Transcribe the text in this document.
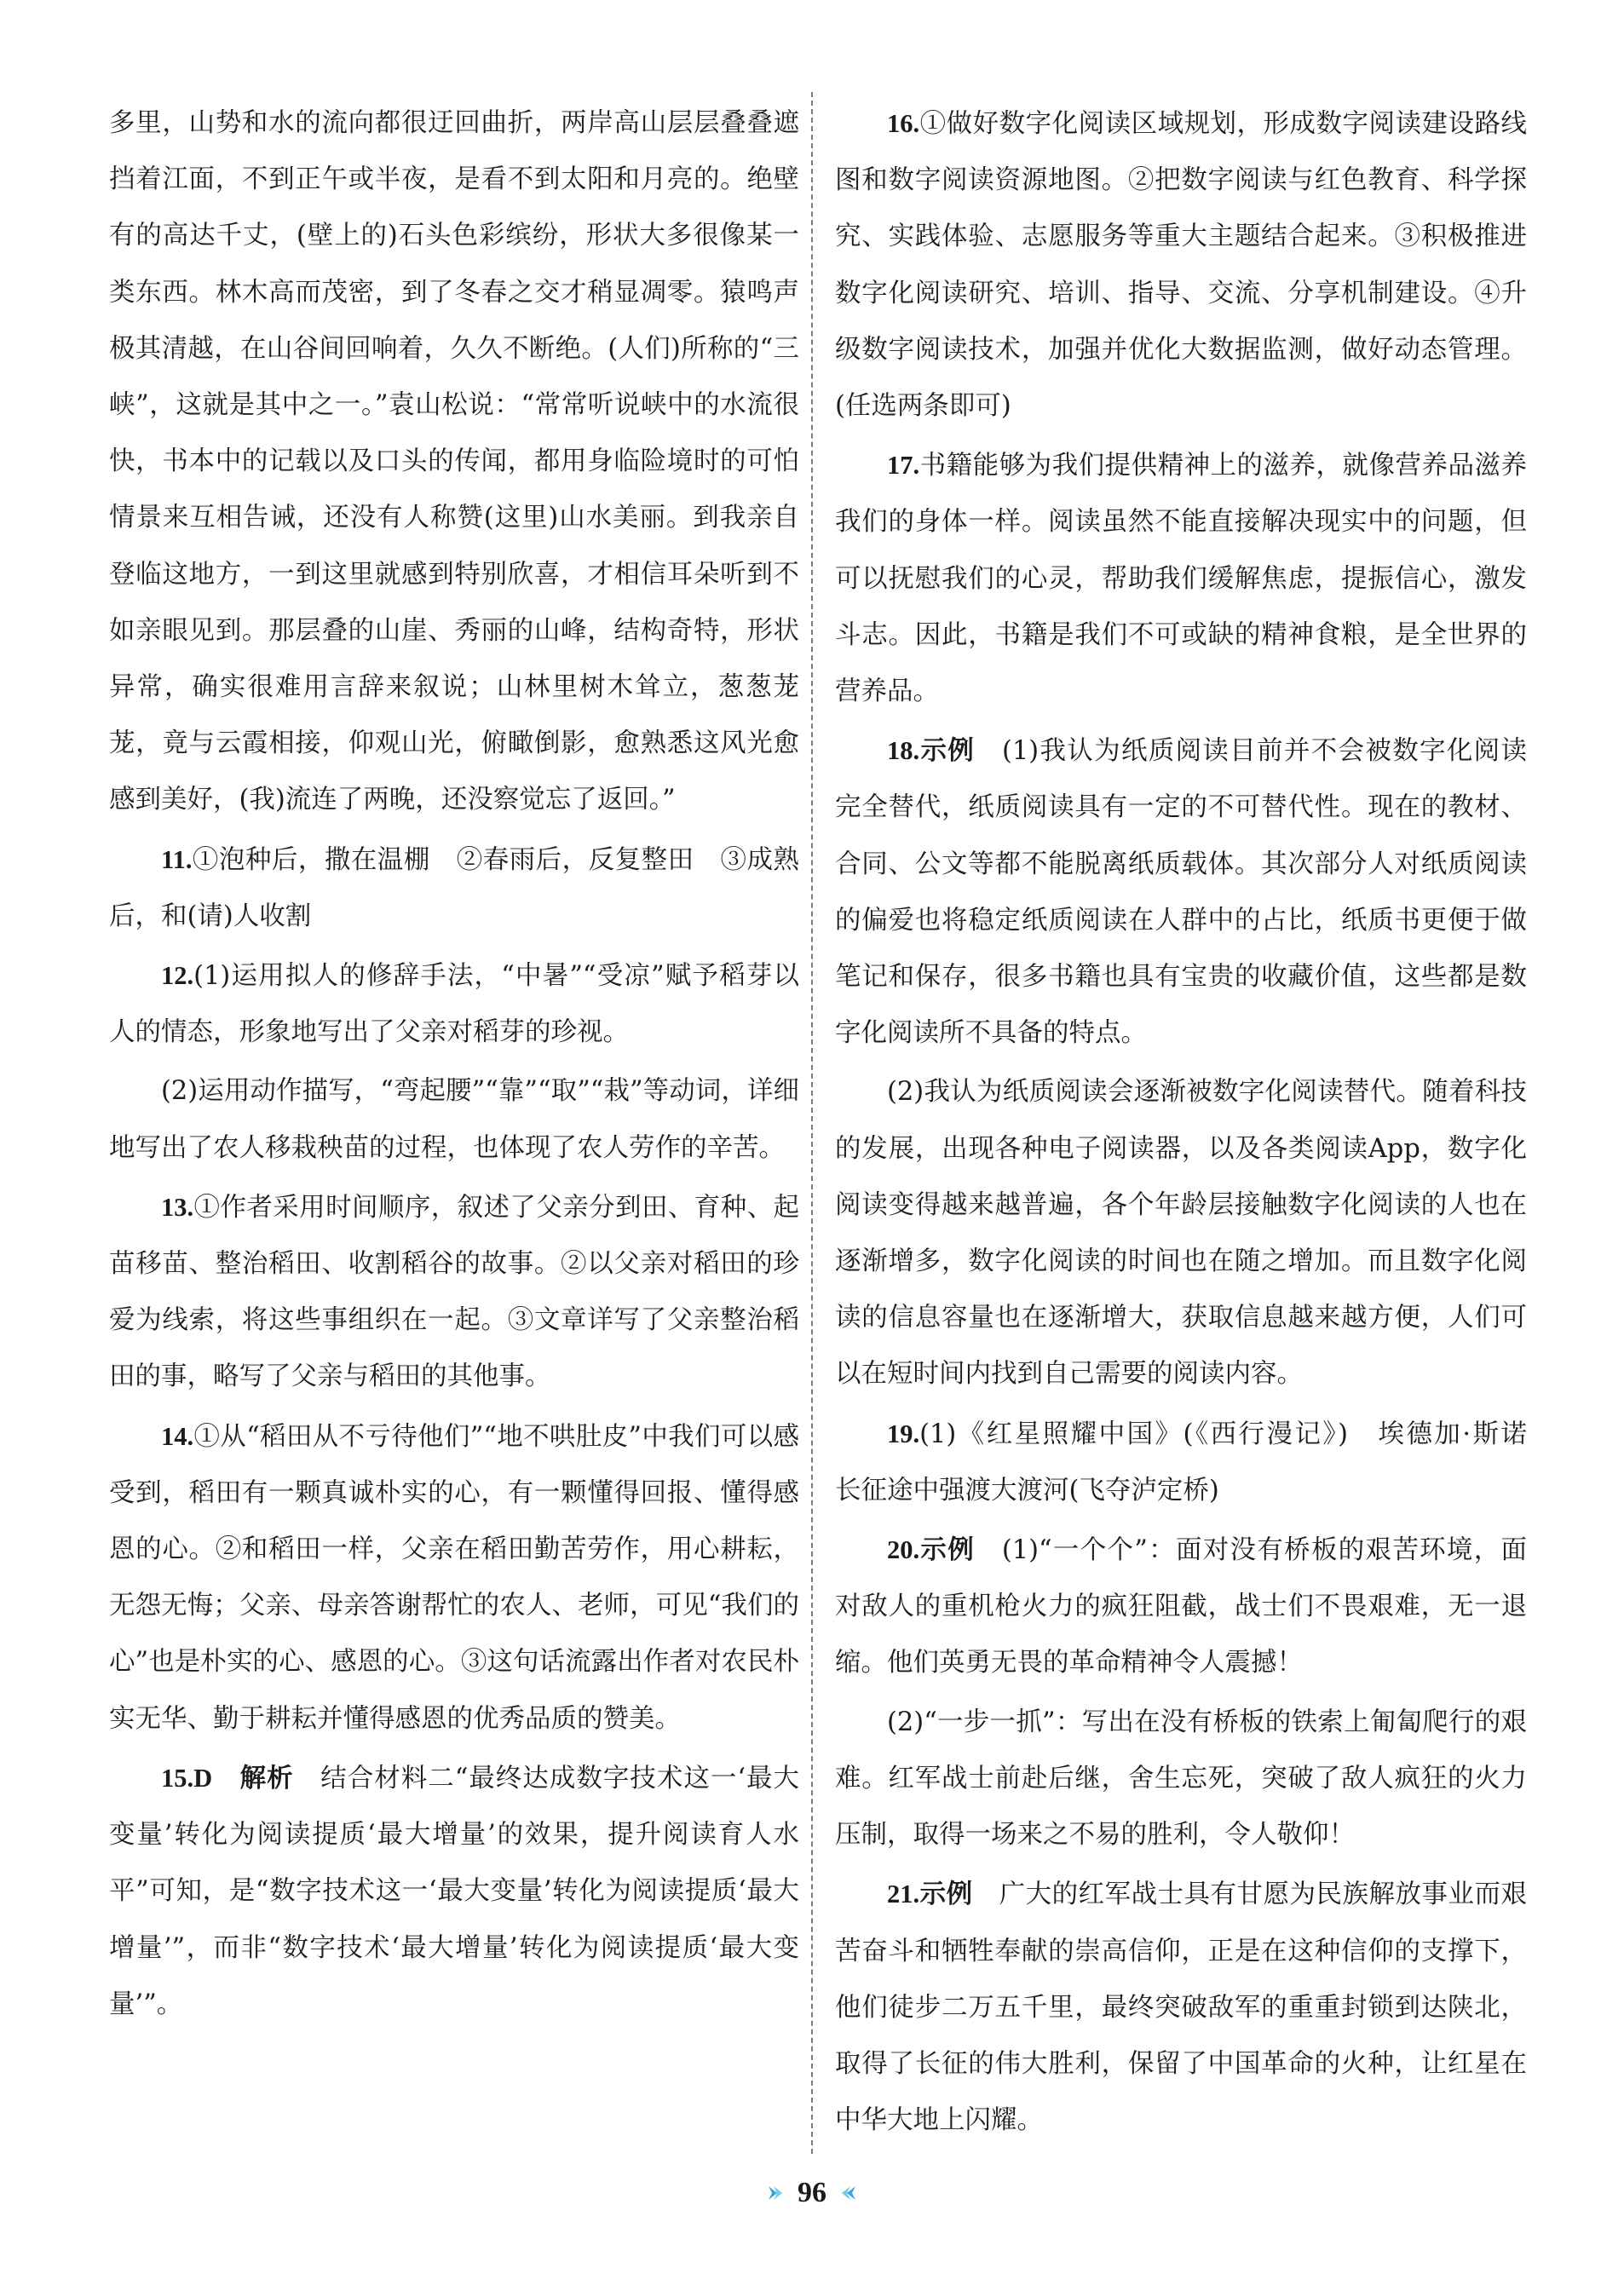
多里，山势和水的流向都很迂回曲折，两岸高山层层叠叠遮挡着江面，不到正午或半夜，是看不到太阳和月亮的。绝壁有的高达千丈，(壁上的)石头色彩缤纷，形状大多很像某一类东西。林木高而茂密，到了冬春之交才稍显凋零。猿鸣声极其清越，在山谷间回响着，久久不断绝。(人们)所称的“三峡”，这就是其中之一。”袁山松说：“常常听说峡中的水流很快，书本中的记载以及口头的传闻，都用身临险境时的可怕情景来互相告诫，还没有人称赞(这里)山水美丽。到我亲自登临这地方，一到这里就感到特别欣喜，才相信耳朵听到不如亲眼见到。那层叠的山崖、秀丽的山峰，结构奇特，形状异常，确实很难用言辞来叙说；山林里树木耸立，葱葱茏茏，竟与云霞相接，仰观山光，俯瞰倒影，愈熟悉这风光愈感到美好，(我)流连了两晚，还没察觉忘了返回。”

11.①泡种后，撒在温棚　②春雨后，反复整田　③成熟后，和(请)人收割

12.(1)运用拟人的修辞手法，“中暑”“受凉”赋予稻芽以人的情态，形象地写出了父亲对稻芽的珍视。

(2)运用动作描写，“弯起腰”“靠”“取”“栽”等动词，详细地写出了农人移栽秧苗的过程，也体现了农人劳作的辛苦。

13.①作者采用时间顺序，叙述了父亲分到田、育种、起苗移苗、整治稻田、收割稻谷的故事。②以父亲对稻田的珍爱为线索，将这些事组织在一起。③文章详写了父亲整治稻田的事，略写了父亲与稻田的其他事。

14.①从“稻田从不亏待他们”“地不哄肚皮”中我们可以感受到，稻田有一颗真诚朴实的心，有一颗懂得回报、懂得感恩的心。②和稻田一样，父亲在稻田勤苦劳作，用心耕耘，无怨无悔；父亲、母亲答谢帮忙的农人、老师，可见“我们的心”也是朴实的心、感恩的心。③这句话流露出作者对农民朴实无华、勤于耕耘并懂得感恩的优秀品质的赞美。

15.D　 解析　 结合材料二“最终达成数字技术这一‘最大变量’转化为阅读提质‘最大增量’的效果，提升阅读育人水平”可知，是“数字技术这一‘最大变量’转化为阅读提质‘最大增量’”，而非“数字技术‘最大增量’转化为阅读提质‘最大变量’”。

16.①做好数字化阅读区域规划，形成数字阅读建设路线图和数字阅读资源地图。②把数字阅读与红色教育、科学探究、实践体验、志愿服务等重大主题结合起来。③积极推进数字化阅读研究、培训、指导、交流、分享机制建设。④升级数字阅读技术，加强并优化大数据监测，做好动态管理。(任选两条即可)

17.书籍能够为我们提供精神上的滋养，就像营养品滋养我们的身体一样。阅读虽然不能直接解决现实中的问题，但可以抚慰我们的心灵，帮助我们缓解焦虑，提振信心，激发斗志。因此，书籍是我们不可或缺的精神食粮，是全世界的营养品。

18.示例　 (1)我认为纸质阅读目前并不会被数字化阅读完全替代，纸质阅读具有一定的不可替代性。现在的教材、合同、公文等都不能脱离纸质载体。其次部分人对纸质阅读的偏爱也将稳定纸质阅读在人群中的占比，纸质书更便于做笔记和保存，很多书籍也具有宝贵的收藏价值，这些都是数字化阅读所不具备的特点。

(2)我认为纸质阅读会逐渐被数字化阅读替代。随着科技的发展，出现各种电子阅读器，以及各类阅读App，数字化阅读变得越来越普遍，各个年龄层接触数字化阅读的人也在逐渐增多，数字化阅读的时间也在随之增加。而且数字化阅读的信息容量也在逐渐增大，获取信息越来越方便，人们可以在短时间内找到自己需要的阅读内容。

19.(1)《红星照耀中国》(《西行漫记》)　埃德加·斯诺　长征途中强渡大渡河(飞夺泸定桥)

20.示例　 (1)“一个个”：面对没有桥板的艰苦环境，面对敌人的重机枪火力的疯狂阻截，战士们不畏艰难，无一退缩。他们英勇无畏的革命精神令人震撼！

(2)“一步一抓”：写出在没有桥板的铁索上匍匐爬行的艰难。红军战士前赴后继，舍生忘死，突破了敌人疯狂的火力压制，取得一场来之不易的胜利，令人敬仰！

21.示例　 广大的红军战士具有甘愿为民族解放事业而艰苦奋斗和牺牲奉献的崇高信仰，正是在这种信仰的支撑下，他们徒步二万五千里，最终突破敌军的重重封锁到达陕北，取得了长征的伟大胜利，保留了中国革命的火种，让红星在中华大地上闪耀。

96
